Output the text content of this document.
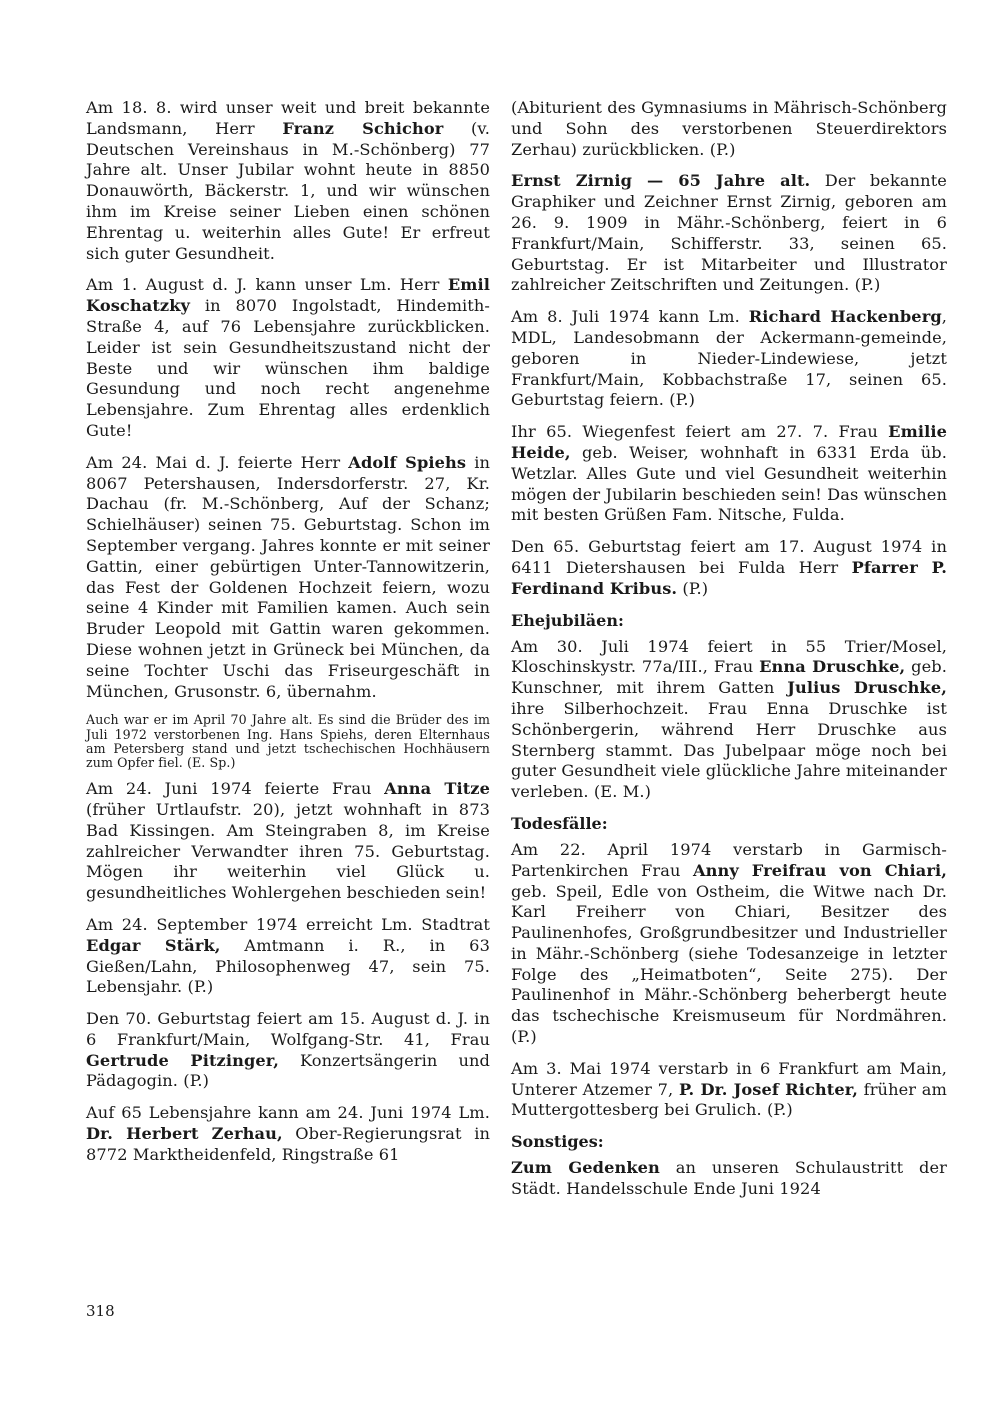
Am 18. 8. wird unser weit und breit bekannte Landsmann, Herr Franz Schichor (v. Deutschen Vereinshaus in M.-Schönberg) 77 Jahre alt. Unser Jubilar wohnt heute in 8850 Donauwörth, Bäckerstr. 1, und wir wünschen ihm im Kreise seiner Lieben einen schönen Ehrentag u. weiterhin alles Gute! Er erfreut sich guter Gesundheit.

Am 1. August d. J. kann unser Lm. Herr Emil Koschatzky in 8070 Ingolstadt, Hindemith-Straße 4, auf 76 Lebensjahre zurückblicken. Leider ist sein Gesundheitszustand nicht der Beste und wir wünschen ihm baldige Gesundung und noch recht angenehme Lebensjahre. Zum Ehrentag alles erdenklich Gute!

Am 24. Mai d. J. feierte Herr Adolf Spiehs in 8067 Petershausen, Indersdorferstr. 27, Kr. Dachau (fr. M.-Schönberg, Auf der Schanz; Schielhäuser) seinen 75. Geburtstag. Schon im September vergang. Jahres konnte er mit seiner Gattin, einer gebürtigen Unter-Tannowitzerin, das Fest der Goldenen Hochzeit feiern, wozu seine 4 Kinder mit Familien kamen. Auch sein Bruder Leopold mit Gattin waren gekommen. Diese wohnen jetzt in Grüneck bei München, da seine Tochter Uschi das Friseurgeschäft in München, Grusonstr. 6, übernahm.

Auch war er im April 70 Jahre alt. Es sind die Brüder des im Juli 1972 verstorbenen Ing. Hans Spiehs, deren Elternhaus am Petersberg stand und jetzt tschechischen Hochhäusern zum Opfer fiel. (E. Sp.)

Am 24. Juni 1974 feierte Frau Anna Titze (früher Urtlaufstr. 20), jetzt wohnhaft in 873 Bad Kissingen. Am Steingraben 8, im Kreise zahlreicher Verwandter ihren 75. Geburtstag. Mögen ihr weiterhin viel Glück u. gesundheitliches Wohlergehen beschieden sein!

Am 24. September 1974 erreicht Lm. Stadtrat Edgar Stärk, Amtmann i. R., in 63 Gießen/Lahn, Philosophenweg 47, sein 75. Lebensjahr. (P.)

Den 70. Geburtstag feiert am 15. August d. J. in 6 Frankfurt/Main, Wolfgang-Str. 41, Frau Gertrude Pitzinger, Konzertsängerin und Pädagogin. (P.)

Auf 65 Lebensjahre kann am 24. Juni 1974 Lm. Dr. Herbert Zerhau, Ober-Regierungsrat in 8772 Marktheidenfeld, Ringstraße 61

(Abiturient des Gymnasiums in Mährisch-Schönberg und Sohn des verstorbenen Steuerdirektors Zerhau) zurückblicken. (P.)

Ernst Zirnig — 65 Jahre alt. Der bekannte Graphiker und Zeichner Ernst Zirnig, geboren am 26. 9. 1909 in Mähr.-Schönberg, feiert in 6 Frankfurt/Main, Schifferstr. 33, seinen 65. Geburtstag. Er ist Mitarbeiter und Illustrator zahlreicher Zeitschriften und Zeitungen. (P.)

Am 8. Juli 1974 kann Lm. Richard Hackenberg, MDL, Landesobmann der Ackermann-gemeinde, geboren in Nieder-Lindewiese, jetzt Frankfurt/Main, Kobbachstraße 17, seinen 65. Geburtstag feiern. (P.)

Ihr 65. Wiegenfest feiert am 27. 7. Frau Emilie Heide, geb. Weiser, wohnhaft in 6331 Erda üb. Wetzlar. Alles Gute und viel Gesundheit weiterhin mögen der Jubilarin beschieden sein! Das wünschen mit besten Grüßen Fam. Nitsche, Fulda.

Den 65. Geburtstag feiert am 17. August 1974 in 6411 Dietershausen bei Fulda Herr Pfarrer P. Ferdinand Kribus. (P.)

Ehejubiläen:

Am 30. Juli 1974 feiert in 55 Trier/Mosel, Kloschinskystr. 77a/III., Frau Enna Druschke, geb. Kunschner, mit ihrem Gatten Julius Druschke, ihre Silberhochzeit. Frau Enna Druschke ist Schönbergerin, während Herr Druschke aus Sternberg stammt. Das Jubelpaar möge noch bei guter Gesundheit viele glückliche Jahre miteinander verleben. (E. M.)

Todesfälle:

Am 22. April 1974 verstarb in Garmisch-Partenkirchen Frau Anny Freifrau von Chiari, geb. Speil, Edle von Ostheim, die Witwe nach Dr. Karl Freiherr von Chiari, Besitzer des Paulinenhofes, Großgrundbesitzer und Industrieller in Mähr.-Schönberg (siehe Todesanzeige in letzter Folge des „Heimatboten“, Seite 275). Der Paulinenhof in Mähr.-Schönberg beherbergt heute das tschechische Kreismuseum für Nordmähren. (P.)

Am 3. Mai 1974 verstarb in 6 Frankfurt am Main, Unterer Atzemer 7, P. Dr. Josef Richter, früher am Muttergottesberg bei Grulich. (P.)

Sonstiges:

Zum Gedenken an unseren Schulaustritt der Städt. Handelsschule Ende Juni 1924

318
